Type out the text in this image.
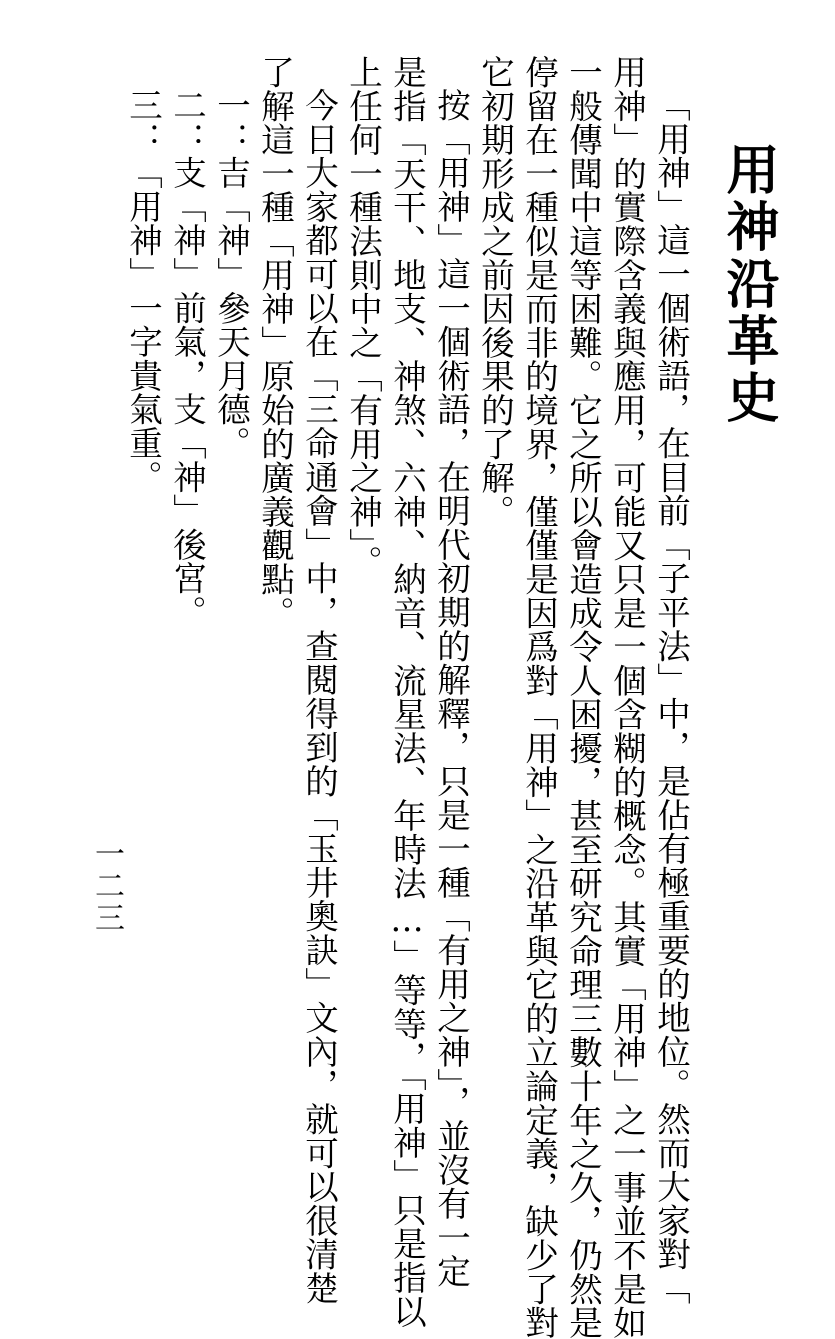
用神沿革史
「用神」這一個術語，在目前「子平法」中，是佔有極重要的地位。然而大家對「
用神」的實際含義與應用，可能又只是一個含糊的概念。其實「用神」之一事並不是如
一般傳聞中這等困難。它之所以會造成令人困擾，甚至研究命理三數十年之久，仍然是
停留在一種似是而非的境界，僅僅是因爲對「用神」之沿革與它的立論定義，缺少了對
它初期形成之前因後果的了解。
按「用神」這一個術語，在明代初期的解釋，只是一種「有用之神」，並沒有一定
是指「天干、地支、神煞、六神、納音、流星法、年時法…」等等，「用神」只是指以
上任何一種法則中之「有用之神」。
今日大家都可以在「三命通會」中，查閱得到的「玉井奧訣」文內，就可以很清楚
了解這一種「用神」原始的廣義觀點。
一：吉「神」參天月德。
二：支「神」前氣，支「神」後宮。
三：「用神」一字貴氣重。
一二三
